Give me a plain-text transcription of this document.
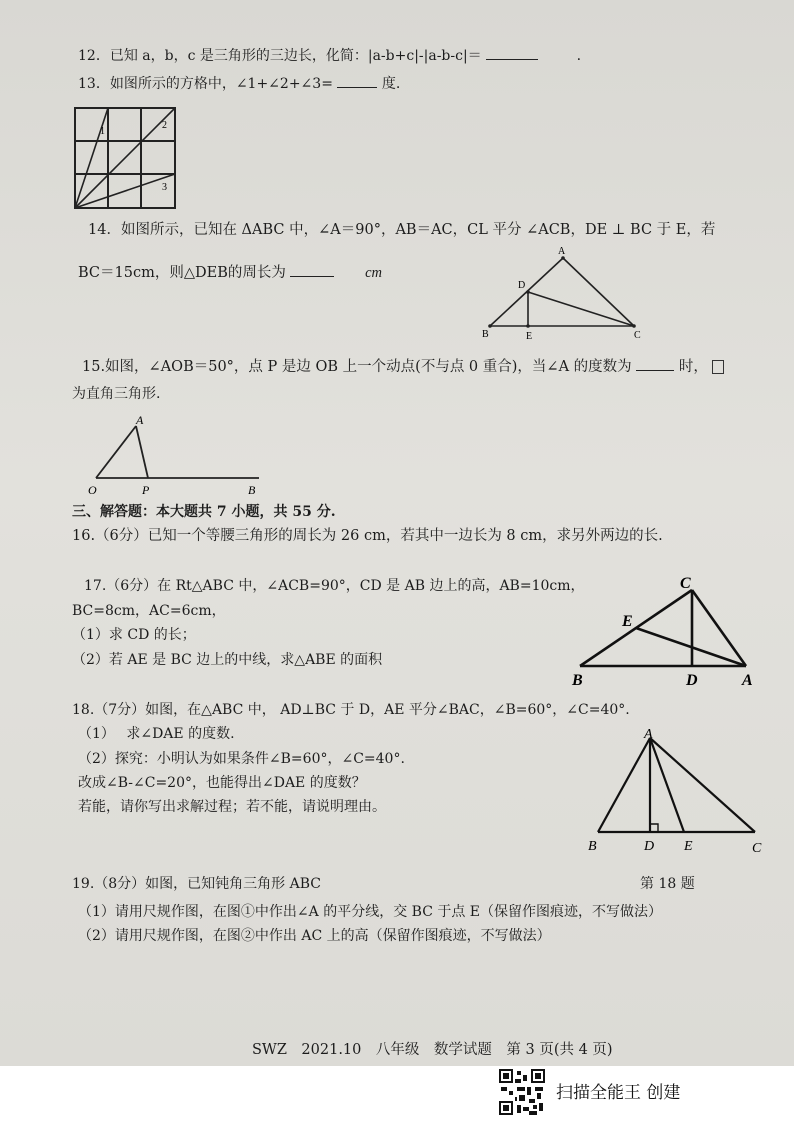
12．已知 a，b，c 是三角形的三边长，化简：|a-b+c|-|a-b-c|＝	.
13．如图所示的方格中，∠1+∠2+∠3=	度.
1
2
3
14．如图所示，已知在 ΔABC 中，∠A＝90°，AB＝AC，CL 平分 ∠ACB，DE ⊥ BC 于 E，若
BC＝15cm，则△DEB的周长为	cm
A
D
B	E	C
15.如图，∠AOB＝50°，点 P 是边 OB 上一个动点(不与点 0 重合)，当∠A 的度数为	时，
为直角三角形.
A
O	P	B
三、解答题：本大题共 7 小题，共 55 分.
16.（6分）已知一个等腰三角形的周长为 26 cm，若其中一边长为 8 cm，求另外两边的长.
17.（6分）在 Rt△ABC 中，∠ACB=90°，CD 是 AB 边上的高，AB=10cm，
BC=8cm，AC=6cm，
（1）求 CD 的长；
（2）若 AE 是 BC 边上的中线，求△ABE 的面积
C
E
B	D	A
18.（7分）如图，在△ABC 中， AD⊥BC 于 D，AE 平分∠BAC，∠B=60°，∠C=40°.
（1）　 求∠DAE 的度数.
（2）探究：小明认为如果条件∠B=60°，∠C=40°.
改成∠B-∠C=20°，也能得出∠DAE 的度数？
若能，请你写出求解过程；若不能，请说明理由。
A
B	D E	C
第 18 题
19.（8分）如图，已知钝角三角形 ABC
（1）请用尺规作图，在图①中作出∠A 的平分线，交 BC 于点 E（保留作图痕迹，不写做法）
（2）请用尺规作图，在图②中作出 AC 上的高（保留作图痕迹，不写做法）
SWZ　2021.10　八年级　数学试题　第 3 页(共 4 页)
扫描全能王 创建
